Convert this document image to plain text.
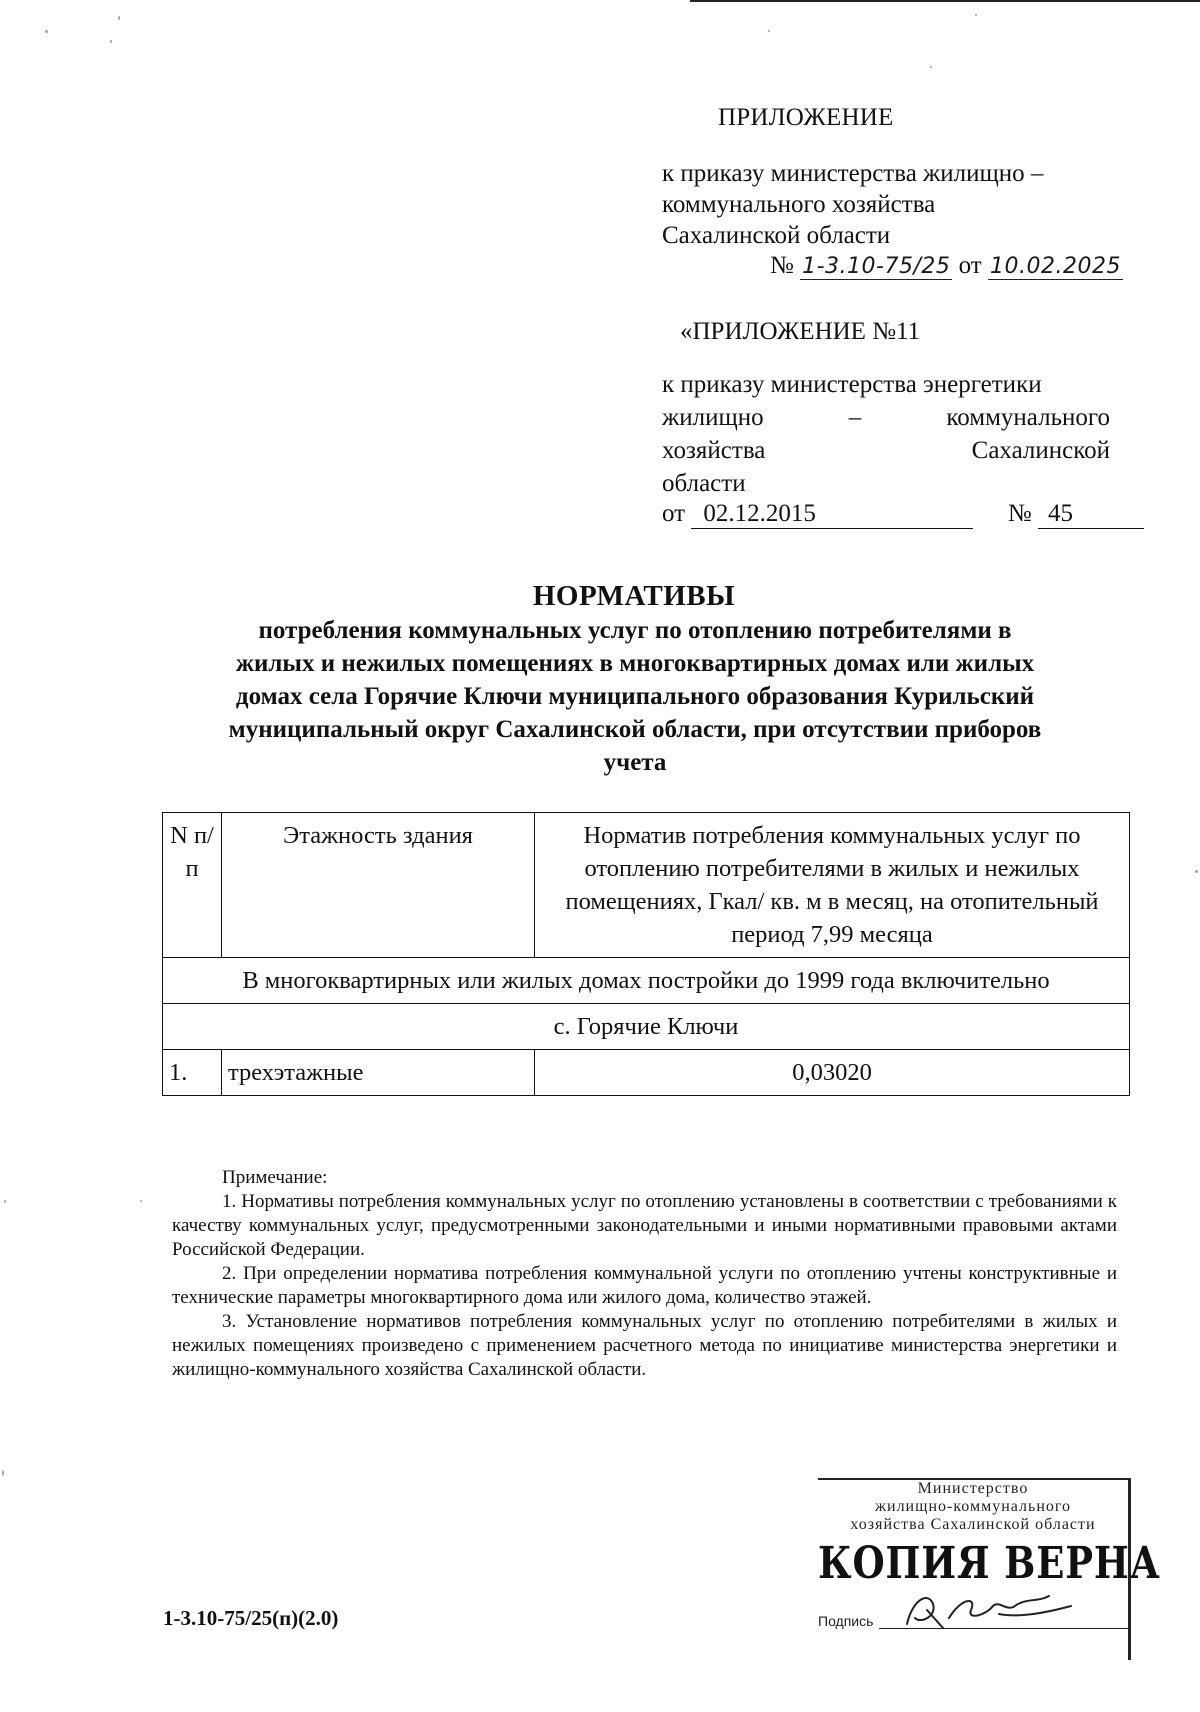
ПРИЛОЖЕНИЕ
к приказу министерства жилищно –
коммунального хозяйства
Сахалинской области
№ 1-3.10-75/25 от 10.02.2025
«ПРИЛОЖЕНИЕ №11
к приказу министерства энергетики
жилищно	–	коммунального
хозяйства	Сахалинской
области
от 02.12.2015	№ 45
НОРМАТИВЫ
потребления коммунальных услуг по отоплению потребителями в
жилых и нежилых помещениях в многоквартирных домах или жилых
домах села Горячие Ключи муниципального образования Курильский
муниципальный округ Сахалинской области, при отсутствии приборов
учета
N п/п	Этажность здания	Норматив потребления коммунальных услуг по отоплению потребителями в жилых и нежилых помещениях, Гкал/ кв. м в месяц, на отопительный период 7,99 месяца
В многоквартирных или жилых домах постройки до 1999 года включительно		
с. Горячие Ключи		
1.	трехэтажные	0,03020

Примечание:

1. Нормативы потребления коммунальных услуг по отоплению установлены в соответствии с требованиями к качеству коммунальных услуг, предусмотренными законодательными и иными нормативными правовыми актами Российской Федерации.

2. При определении норматива потребления коммунальной услуги по отоплению учтены конструктивные и технические параметры многоквартирного дома или жилого дома, количество этажей.

3. Установление нормативов потребления коммунальных услуг по отоплению потребителями в жилых и нежилых помещениях произведено с применением расчетного метода по инициативе министерства энергетики и жилищно-коммунального хозяйства Сахалинской области.

1-3.10-75/25(п)(2.0)
Министерство
жилищно-коммунального
хозяйства Сахалинской области
КОПИЯ ВЕРНА
Подпись
